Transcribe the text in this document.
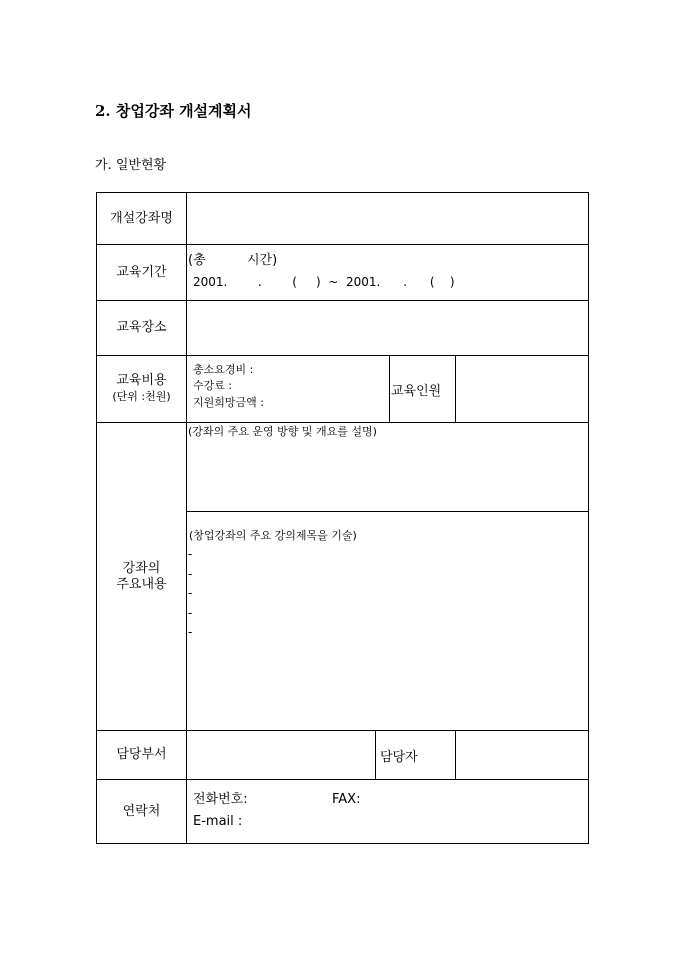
2. 창업강좌 개설계획서
가. 일반현황
개설강좌명
교육기간
(총          시간)
2001.        .        (     )  ~  2001.      .      (    )
교육장소
교육비용
(단위 :천원)
총소요경비 :
수강료 :
지원희망금액 :
교육인원
강좌의
주요내용
(강좌의 주요 운영 방향 및 개요를 설명)
(창업강좌의 주요 강의제목을 기술)
-
-
-
-
-
담당부서	담당자
연락처
전화번호:	FAX:
E-mail :
